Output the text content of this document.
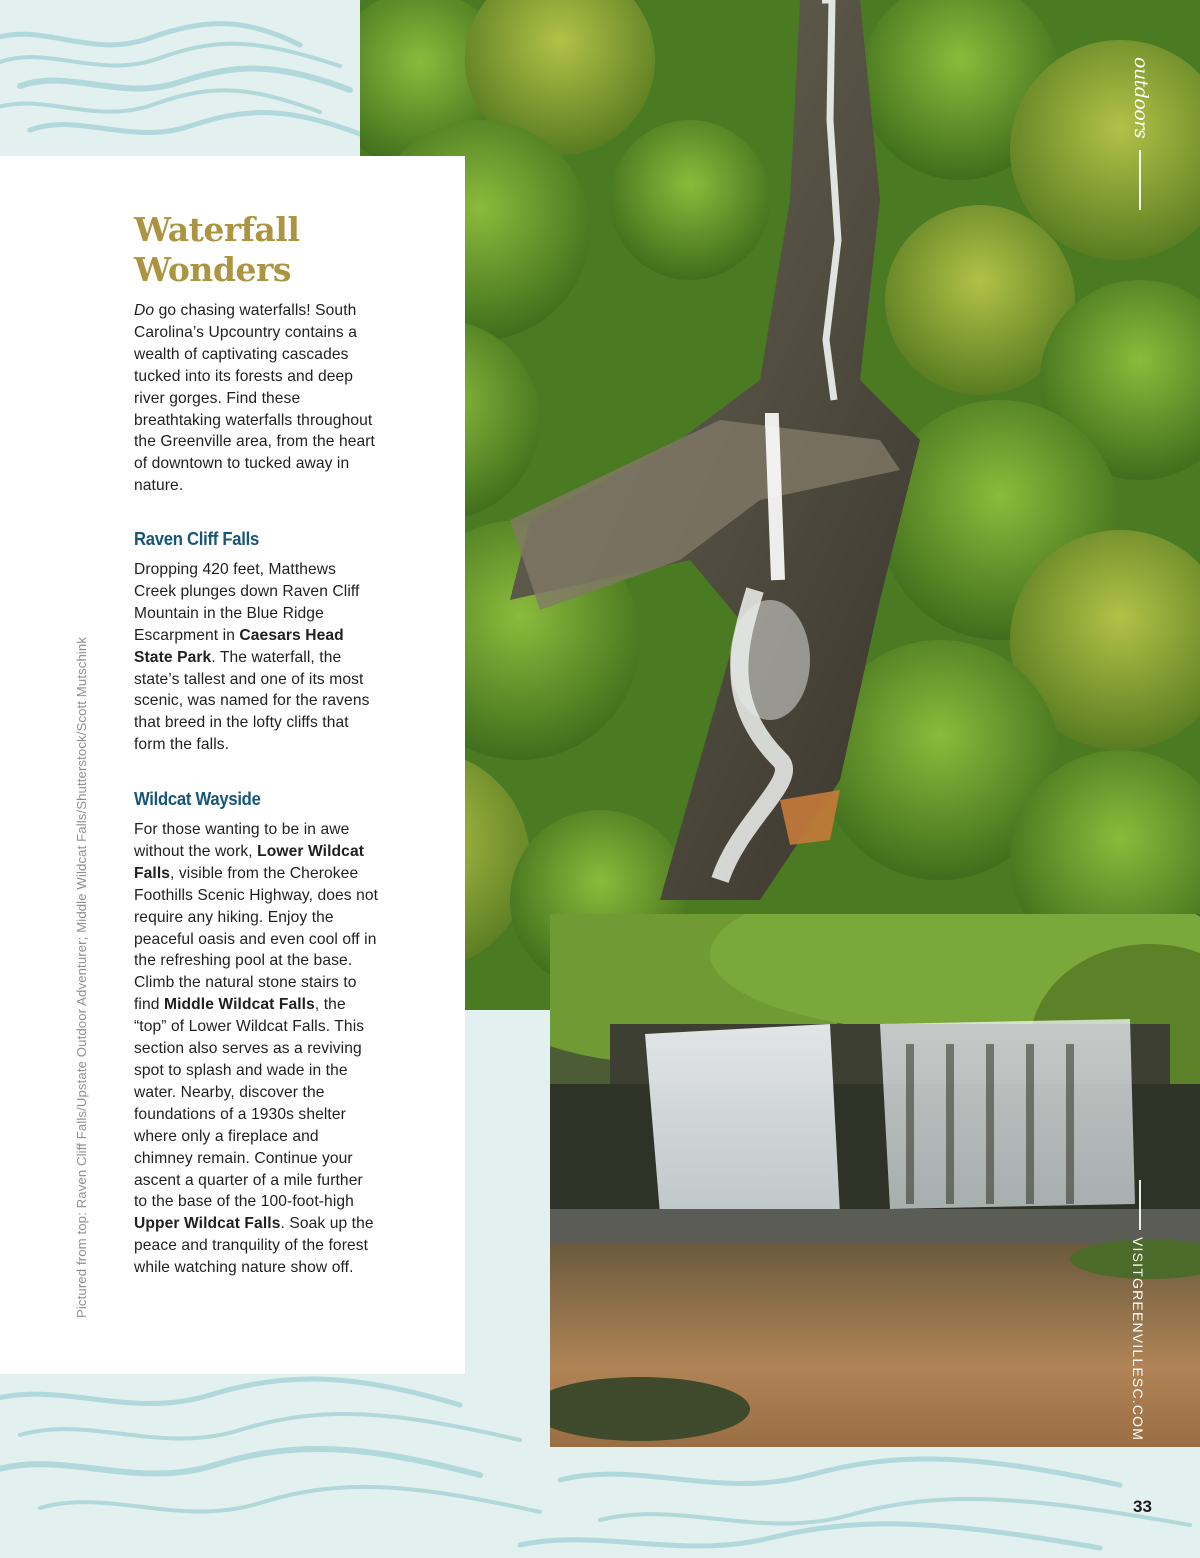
Waterfall
Wonders

Do go chasing waterfalls! South Carolina’s Upcountry contains a wealth of captivating cascades tucked into its forests and deep river gorges. Find these breathtaking waterfalls throughout the Greenville area, from the heart of downtown to tucked away in nature.

Raven Cliff Falls

Dropping 420 feet, Matthews Creek plunges down Raven Cliff Mountain in the Blue Ridge Escarpment in Caesars Head State Park. The waterfall, the state’s tallest and one of its most scenic, was named for the ravens that breed in the lofty cliffs that form the falls.

Wildcat Wayside

For those wanting to be in awe without the work, Lower Wildcat Falls, visible from the Cherokee Foothills Scenic Highway, does not require any hiking. Enjoy the peaceful oasis and even cool off in the refreshing pool at the base. Climb the natural stone stairs to find Middle Wildcat Falls, the “top” of Lower Wildcat Falls. This section also serves as a reviving spot to splash and wade in the water. Nearby, discover the foundations of a 1930s shelter where only a fireplace and chimney remain. Continue your ascent a quarter of a mile further to the base of the 100-foot-high Upper Wildcat Falls. Soak up the peace and tranquility of the forest while watching nature show off.

Pictured from top: Raven Cliff Falls/Upstate Outdoor Adventurer; Middle Wildcat Falls/Shutterstock/Scott Mutschink
outdoors
VISITGREENVILLESC.COM
33
